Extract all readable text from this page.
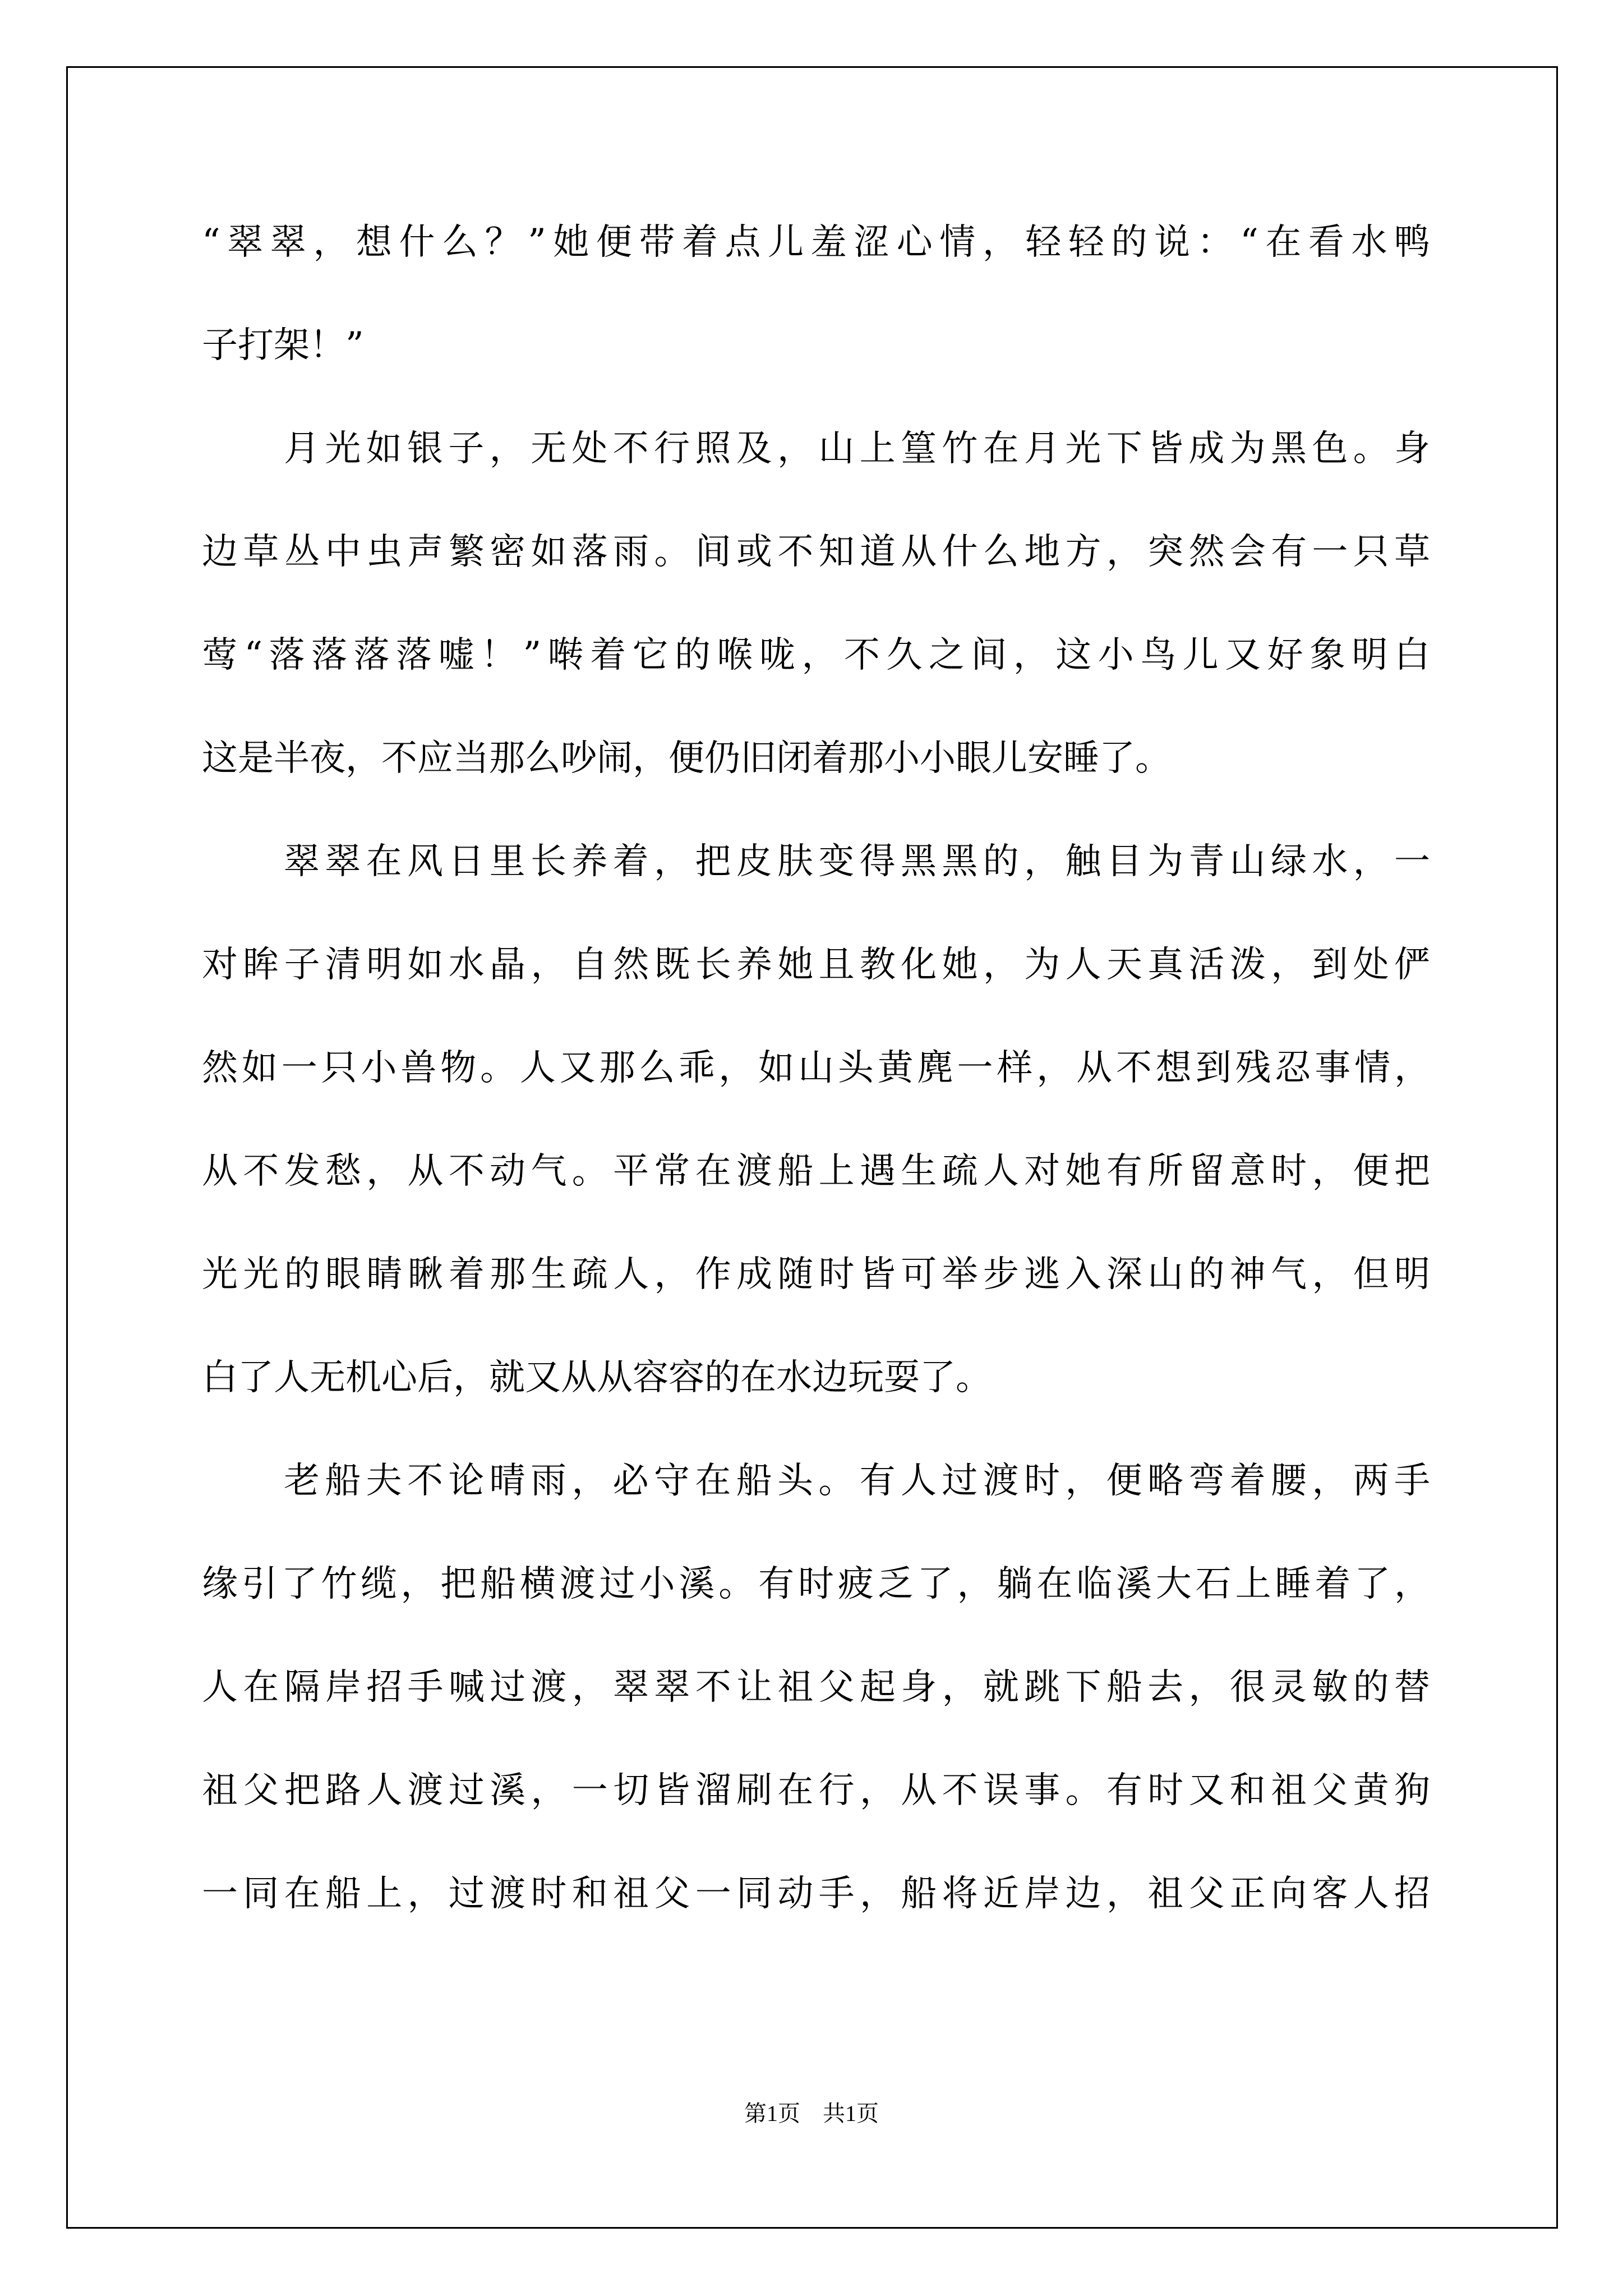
“翠翠，想什么？”她便带着点儿羞涩心情，轻轻的说：“在看水鸭
子打架！”
月光如银子，无处不行照及，山上篁竹在月光下皆成为黑色。身
边草丛中虫声繁密如落雨。间或不知道从什么地方，突然会有一只草
莺“落落落落嘘！”啭着它的喉咙，不久之间，这小鸟儿又好象明白
这是半夜，不应当那么吵闹，便仍旧闭着那小小眼儿安睡了。
翠翠在风日里长养着，把皮肤变得黑黑的，触目为青山绿水，一
对眸子清明如水晶，自然既长养她且教化她，为人天真活泼，到处俨
然如一只小兽物。人又那么乖，如山头黄麂一样，从不想到残忍事情，
从不发愁，从不动气。平常在渡船上遇生疏人对她有所留意时，便把
光光的眼睛瞅着那生疏人，作成随时皆可举步逃入深山的神气，但明
白了人无机心后，就又从从容容的在水边玩耍了。
老船夫不论晴雨，必守在船头。有人过渡时，便略弯着腰，两手
缘引了竹缆，把船横渡过小溪。有时疲乏了，躺在临溪大石上睡着了，
人在隔岸招手喊过渡，翠翠不让祖父起身，就跳下船去，很灵敏的替
祖父把路人渡过溪，一切皆溜刷在行，从不误事。有时又和祖父黄狗
一同在船上，过渡时和祖父一同动手，船将近岸边，祖父正向客人招
第1页　共1页
